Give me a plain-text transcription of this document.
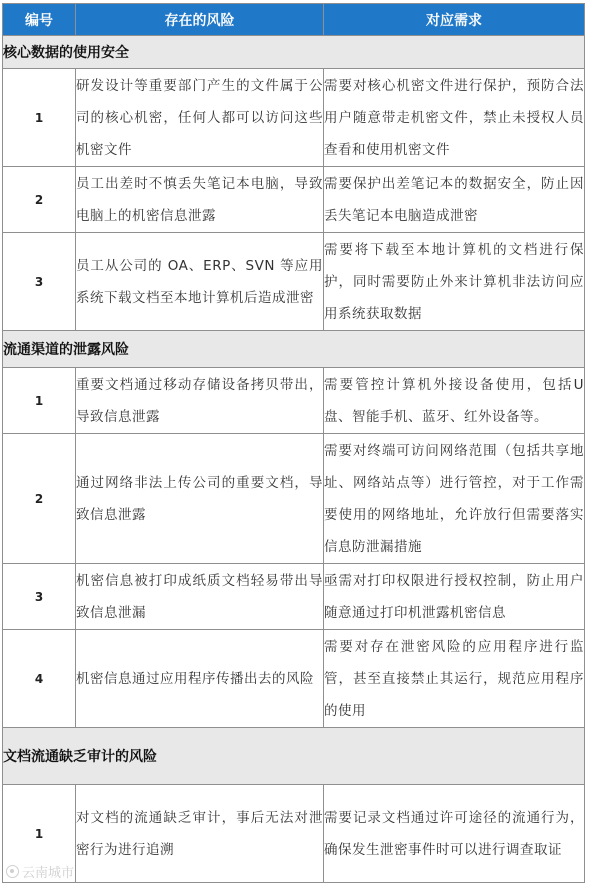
编号	存在的风险	对应需求
核心数据的使用安全		
1	研发设计等重要部门产生的文件属于公司的核心机密，任何人都可以访问这些机密文件	需要对核心机密文件进行保护，预防合法用户随意带走机密文件，禁止未授权人员查看和使用机密文件

2	员工出差时不慎丢失笔记本电脑，导致电脑上的机密信息泄露	需要保护出差笔记本的数据安全，防止因丢失笔记本电脑造成泄密

3	员工从公司的 OA、ERP、SVN 等应用系统下载文档至本地计算机后造成泄密	需要将下载至本地计算机的文档进行保护，同时需要防止外来计算机非法访问应用系统获取数据

流通渠道的泄露风险		
1	重要文档通过移动存储设备拷贝带出，导致信息泄露	需要管控计算机外接设备使用，包括U盘、智能手机、蓝牙、红外设备等。

2	通过网络非法上传公司的重要文档，导致信息泄露	需要对终端可访问网络范围（包括共享地址、网络站点等）进行管控，对于工作需要使用的网络地址，允许放行但需要落实信息防泄漏措施

3	机密信息被打印成纸质文档轻易带出导致信息泄漏	亟需对打印权限进行授权控制，防止用户随意通过打印机泄露机密信息

4	机密信息通过应用程序传播出去的风险	需要对存在泄密风险的应用程序进行监管，甚至直接禁止其运行，规范应用程序的使用

文档流通缺乏审计的风险		
1	对文档的流通缺乏审计，事后无法对泄密行为进行追溯	需要记录文档通过许可途径的流通行为，确保发生泄密事件时可以进行调查取证
云南城市
